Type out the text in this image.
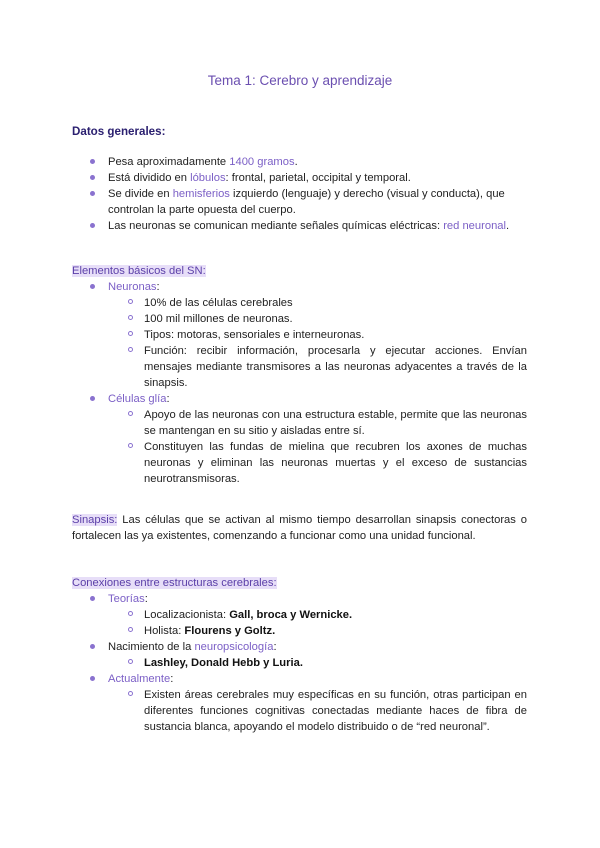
Tema 1: Cerebro y aprendizaje
Datos generales:
Pesa aproximadamente 1400 gramos.
Está dividido en lóbulos: frontal, parietal, occipital y temporal.
Se divide en hemisferios izquierdo (lenguaje) y derecho (visual y conducta), que controlan la parte opuesta del cuerpo.
Las neuronas se comunican mediante señales químicas eléctricas: red neuronal.
Elementos básicos del SN:
Neuronas:
10% de las células cerebrales
100 mil millones de neuronas.
Tipos: motoras, sensoriales e interneuronas.
Función: recibir información, procesarla y ejecutar acciones. Envían mensajes mediante transmisores a las neuronas adyacentes a través de la sinapsis.
Células glía:
Apoyo de las neuronas con una estructura estable, permite que las neuronas se mantengan en su sitio y aisladas entre sí.
Constituyen las fundas de mielina que recubren los axones de muchas neuronas y eliminan las neuronas muertas y el exceso de sustancias neurotransmisoras.
Sinapsis: Las células que se activan al mismo tiempo desarrollan sinapsis conectoras o fortalecen las ya existentes, comenzando a funcionar como una unidad funcional.
Conexiones entre estructuras cerebrales:
Teorías:
Localizacionista: Gall, broca y Wernicke.
Holista: Flourens y Goltz.
Nacimiento de la neuropsicología:
Lashley, Donald Hebb y Luria.
Actualmente:
Existen áreas cerebrales muy específicas en su función, otras participan en diferentes funciones cognitivas conectadas mediante haces de fibra de sustancia blanca, apoyando el modelo distribuido o de “red neuronal”.
